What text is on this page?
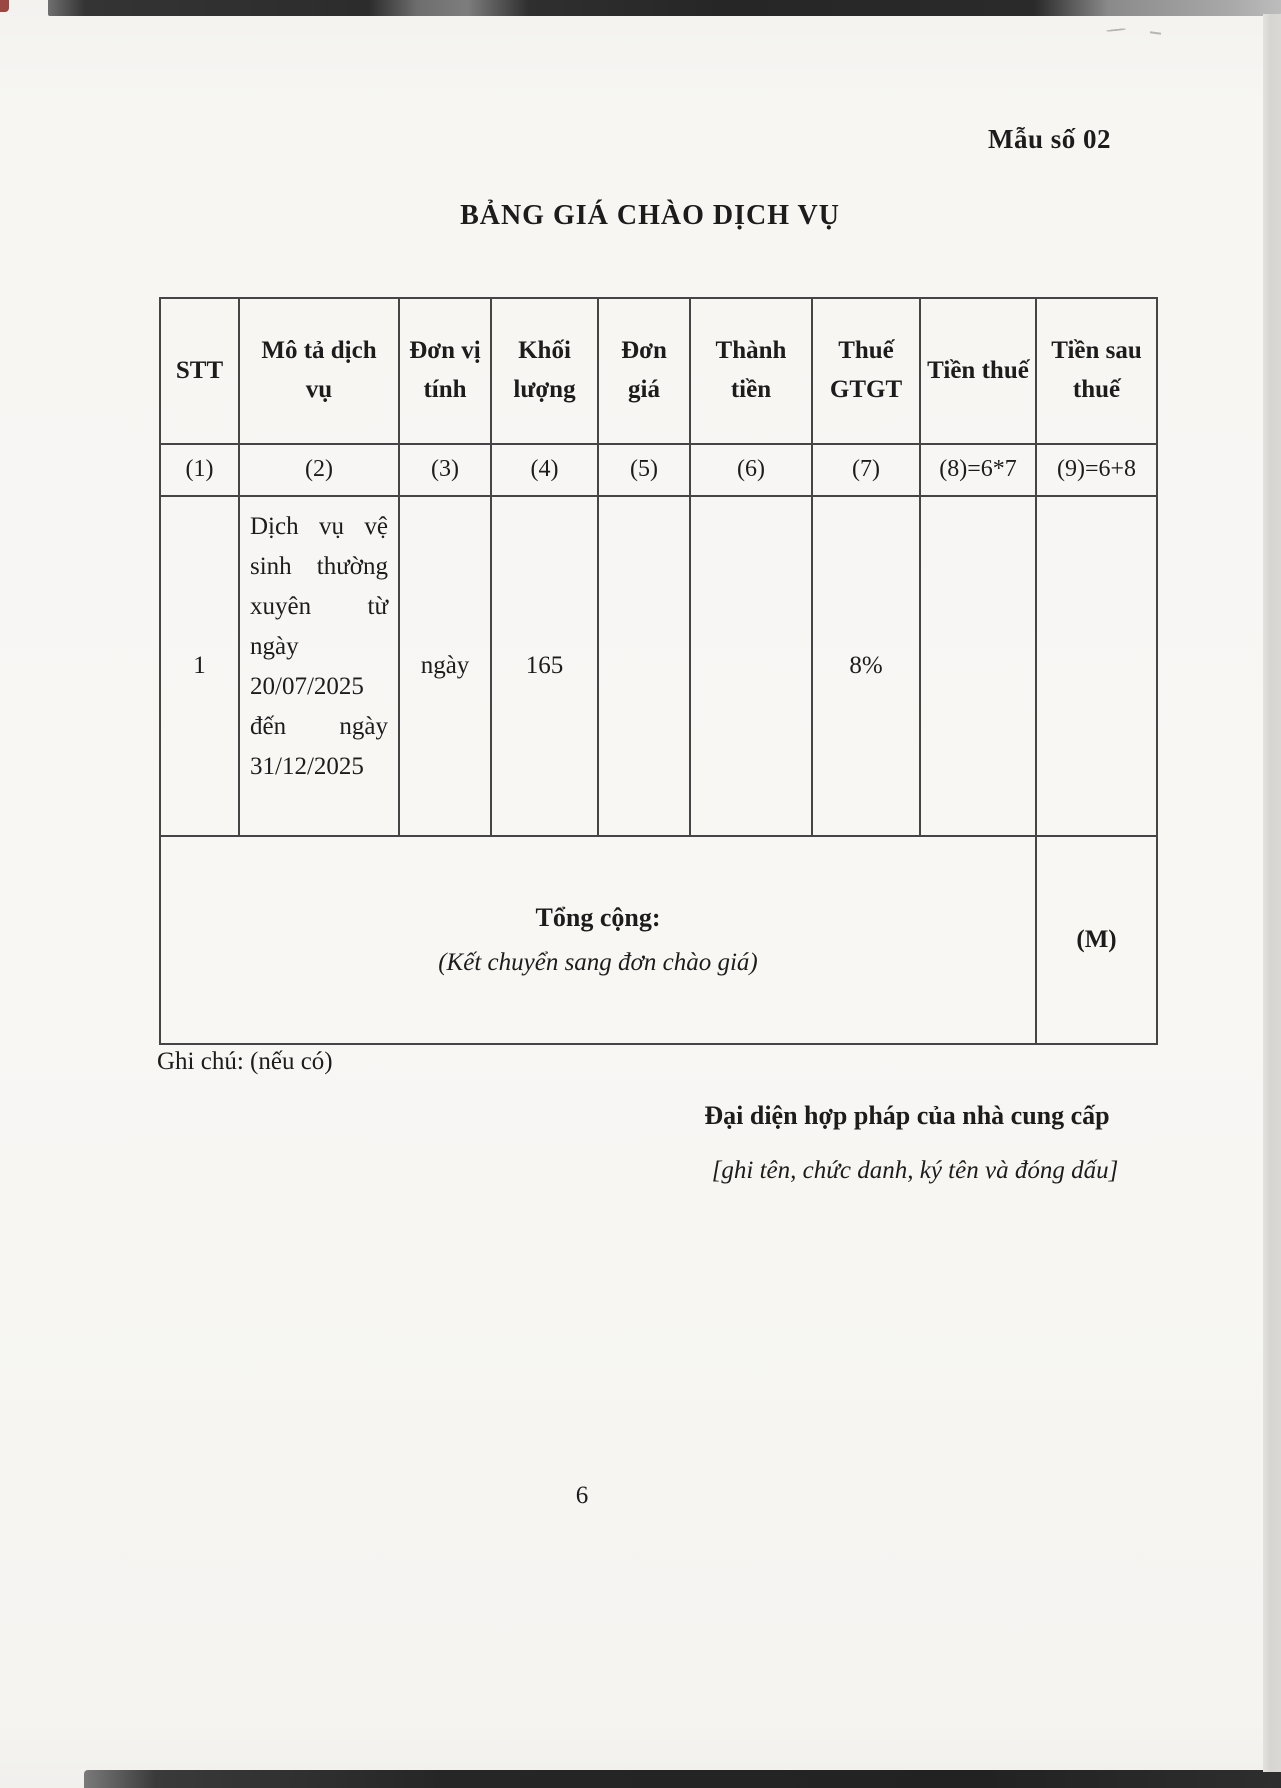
Mẫu số 02
BẢNG GIÁ CHÀO DỊCH VỤ
STT	Mô tả dịch vụ	Đơn vị tính	Khối lượng	Đơn giá	Thành tiền	Thuế GTGT	Tiền thuế	Tiền sau thuế
(1)	(2)	(3)	(4)	(5)	(6)	(7)	(8)=6*7	(9)=6+8
1	Dịch vụ vệ sinh thường xuyên từ ngày 20/07/2025 đến ngày 31/12/2025	ngày	165			8%		

Tổng cộng:
(Kết chuyển sang đơn chào giá)								(M)
Ghi chú: (nếu có)
Đại diện hợp pháp của nhà cung cấp
[ghi tên, chức danh, ký tên và đóng dấu]
6
